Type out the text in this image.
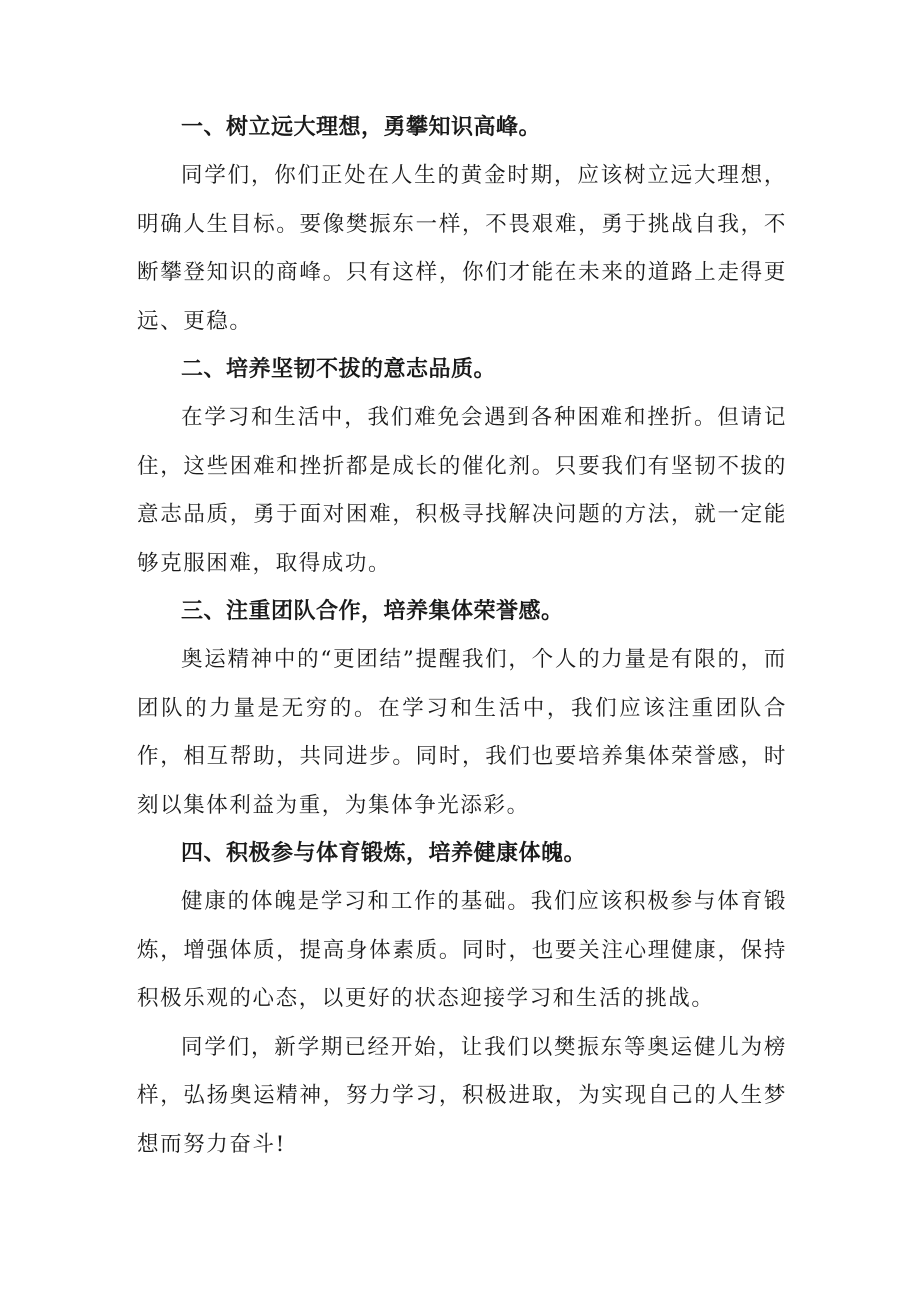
一、树立远大理想，勇攀知识高峰。

同学们，你们正处在人生的黄金时期，应该树立远大理想，明确人生目标。要像樊振东一样，不畏艰难，勇于挑战自我，不断攀登知识的商峰。只有这样，你们才能在未来的道路上走得更远、更稳。

二、培养坚韧不拔的意志品质。

在学习和生活中，我们难免会遇到各种困难和挫折。但请记住，这些困难和挫折都是成长的催化剂。只要我们有坚韧不拔的意志品质，勇于面对困难，积极寻找解决问题的方法，就一定能够克服困难，取得成功。

三、注重团队合作，培养集体荣誉感。

奥运精神中的“更团结”提醒我们，个人的力量是有限的，而团队的力量是无穷的。在学习和生活中，我们应该注重团队合作，相互帮助，共同进步。同时，我们也要培养集体荣誉感，时刻以集体利益为重，为集体争光添彩。

四、积极参与体育锻炼，培养健康体魄。

健康的体魄是学习和工作的基础。我们应该积极参与体育锻炼，增强体质，提高身体素质。同时，也要关注心理健康，保持积极乐观的心态，以更好的状态迎接学习和生活的挑战。

同学们，新学期已经开始，让我们以樊振东等奥运健儿为榜样，弘扬奥运精神，努力学习，积极进取，为实现自己的人生梦想而努力奋斗!
